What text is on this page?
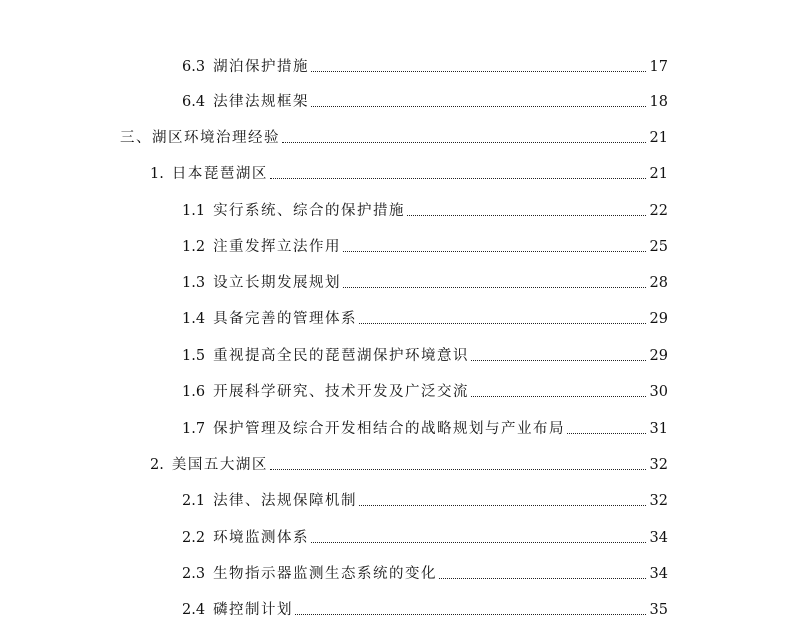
6.3 湖泊保护措施	17
6.4 法律法规框架	18
三、湖区环境治理经验	21
1. 日本琵琶湖区	21
1.1 实行系统、综合的保护措施	22
1.2 注重发挥立法作用	25
1.3 设立长期发展规划	28
1.4 具备完善的管理体系	29
1.5 重视提高全民的琵琶湖保护环境意识	29
1.6 开展科学研究、技术开发及广泛交流	30
1.7 保护管理及综合开发相结合的战略规划与产业布局	31
2. 美国五大湖区	32
2.1 法律、法规保障机制	32
2.2 环境监测体系	34
2.3 生物指示器监测生态系统的变化	34
2.4 磷控制计划	35
